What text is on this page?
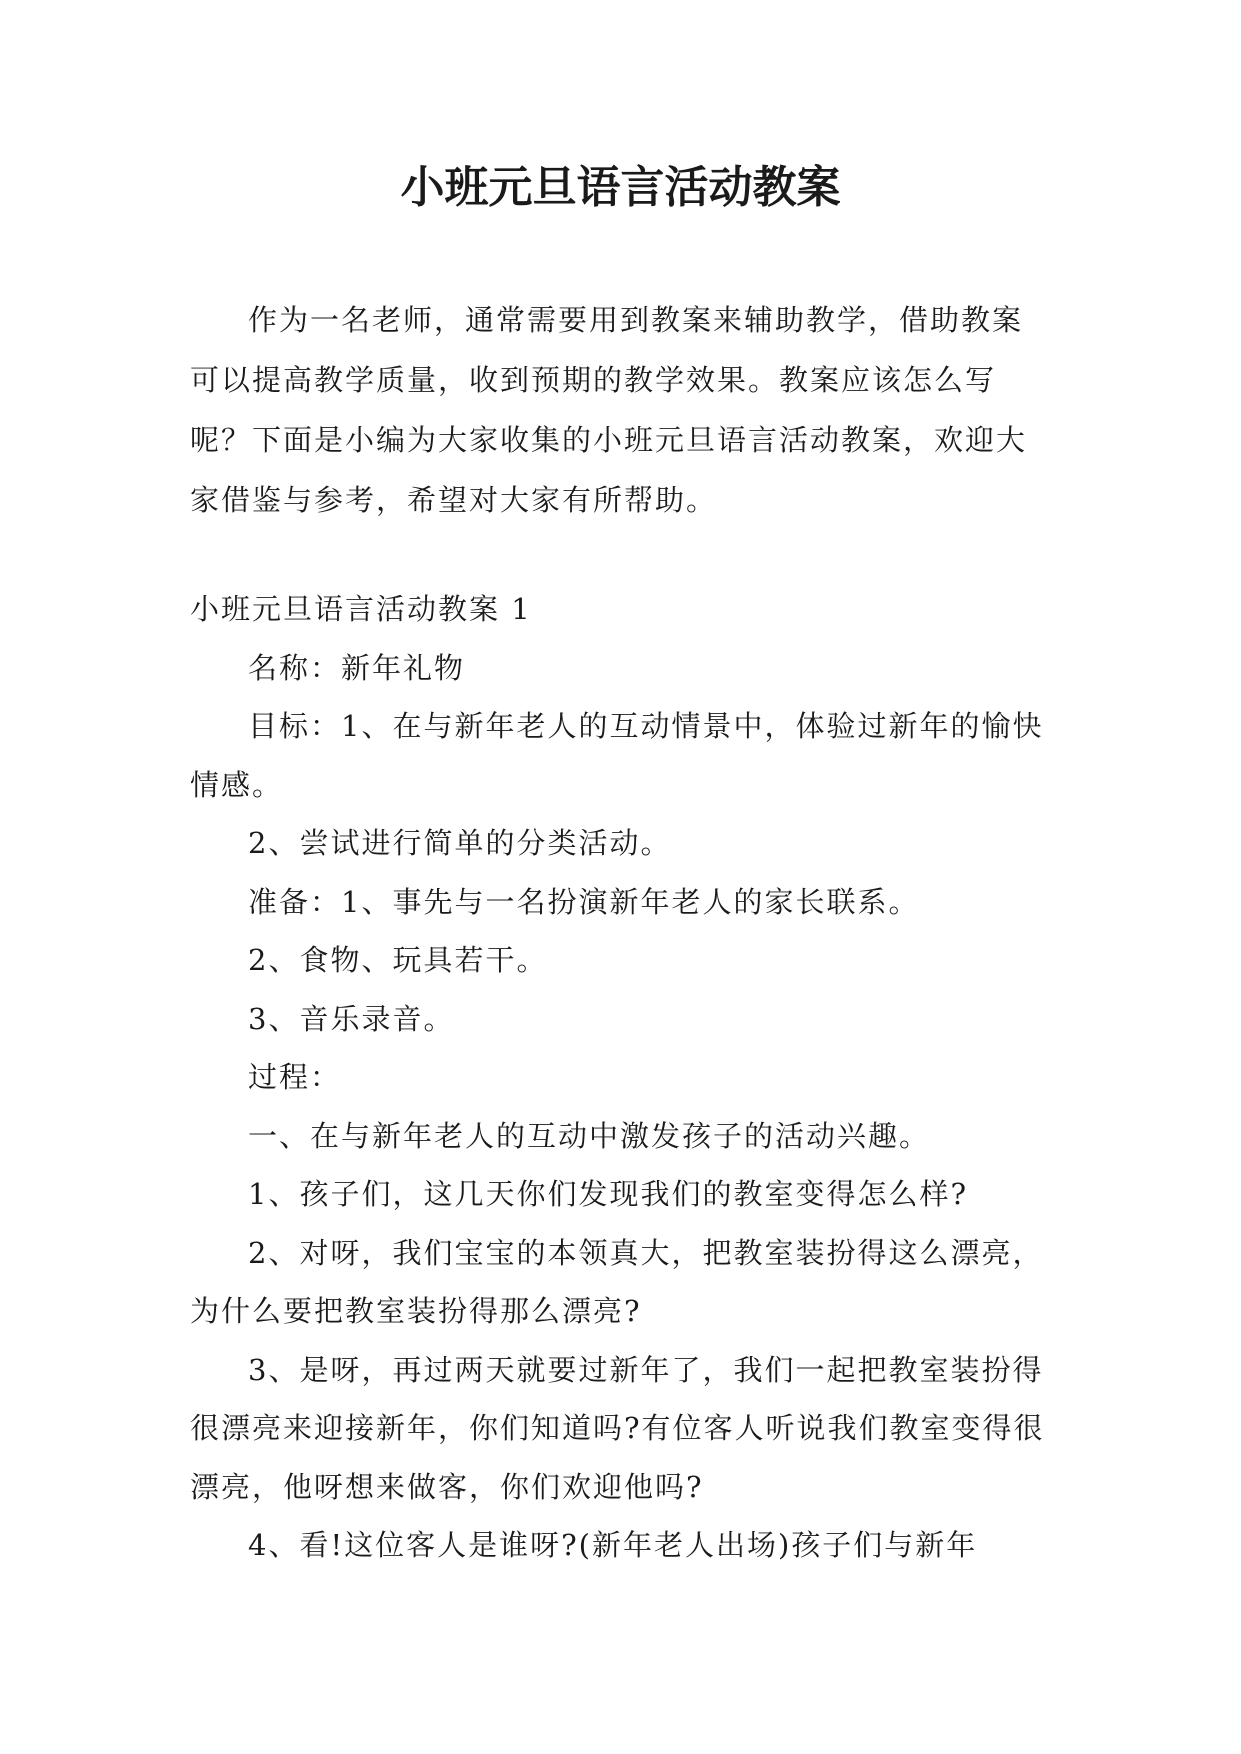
小班元旦语言活动教案

作为一名老师，通常需要用到教案来辅助教学，借助教案可以提高教学质量，收到预期的教学效果。教案应该怎么写呢？下面是小编为大家收集的小班元旦语言活动教案，欢迎大家借鉴与参考，希望对大家有所帮助。

小班元旦语言活动教案 1

名称：新年礼物

目标：1、在与新年老人的互动情景中，体验过新年的愉快情感。

2、尝试进行简单的分类活动。

准备：1、事先与一名扮演新年老人的家长联系。

2、食物、玩具若干。

3、音乐录音。

过程：

一、在与新年老人的互动中激发孩子的活动兴趣。

1、孩子们，这几天你们发现我们的教室变得怎么样?

2、对呀，我们宝宝的本领真大，把教室装扮得这么漂亮，为什么要把教室装扮得那么漂亮?

3、是呀，再过两天就要过新年了，我们一起把教室装扮得很漂亮来迎接新年，你们知道吗?有位客人听说我们教室变得很漂亮，他呀想来做客，你们欢迎他吗?

4、看!这位客人是谁呀?(新年老人出场)孩子们与新年
